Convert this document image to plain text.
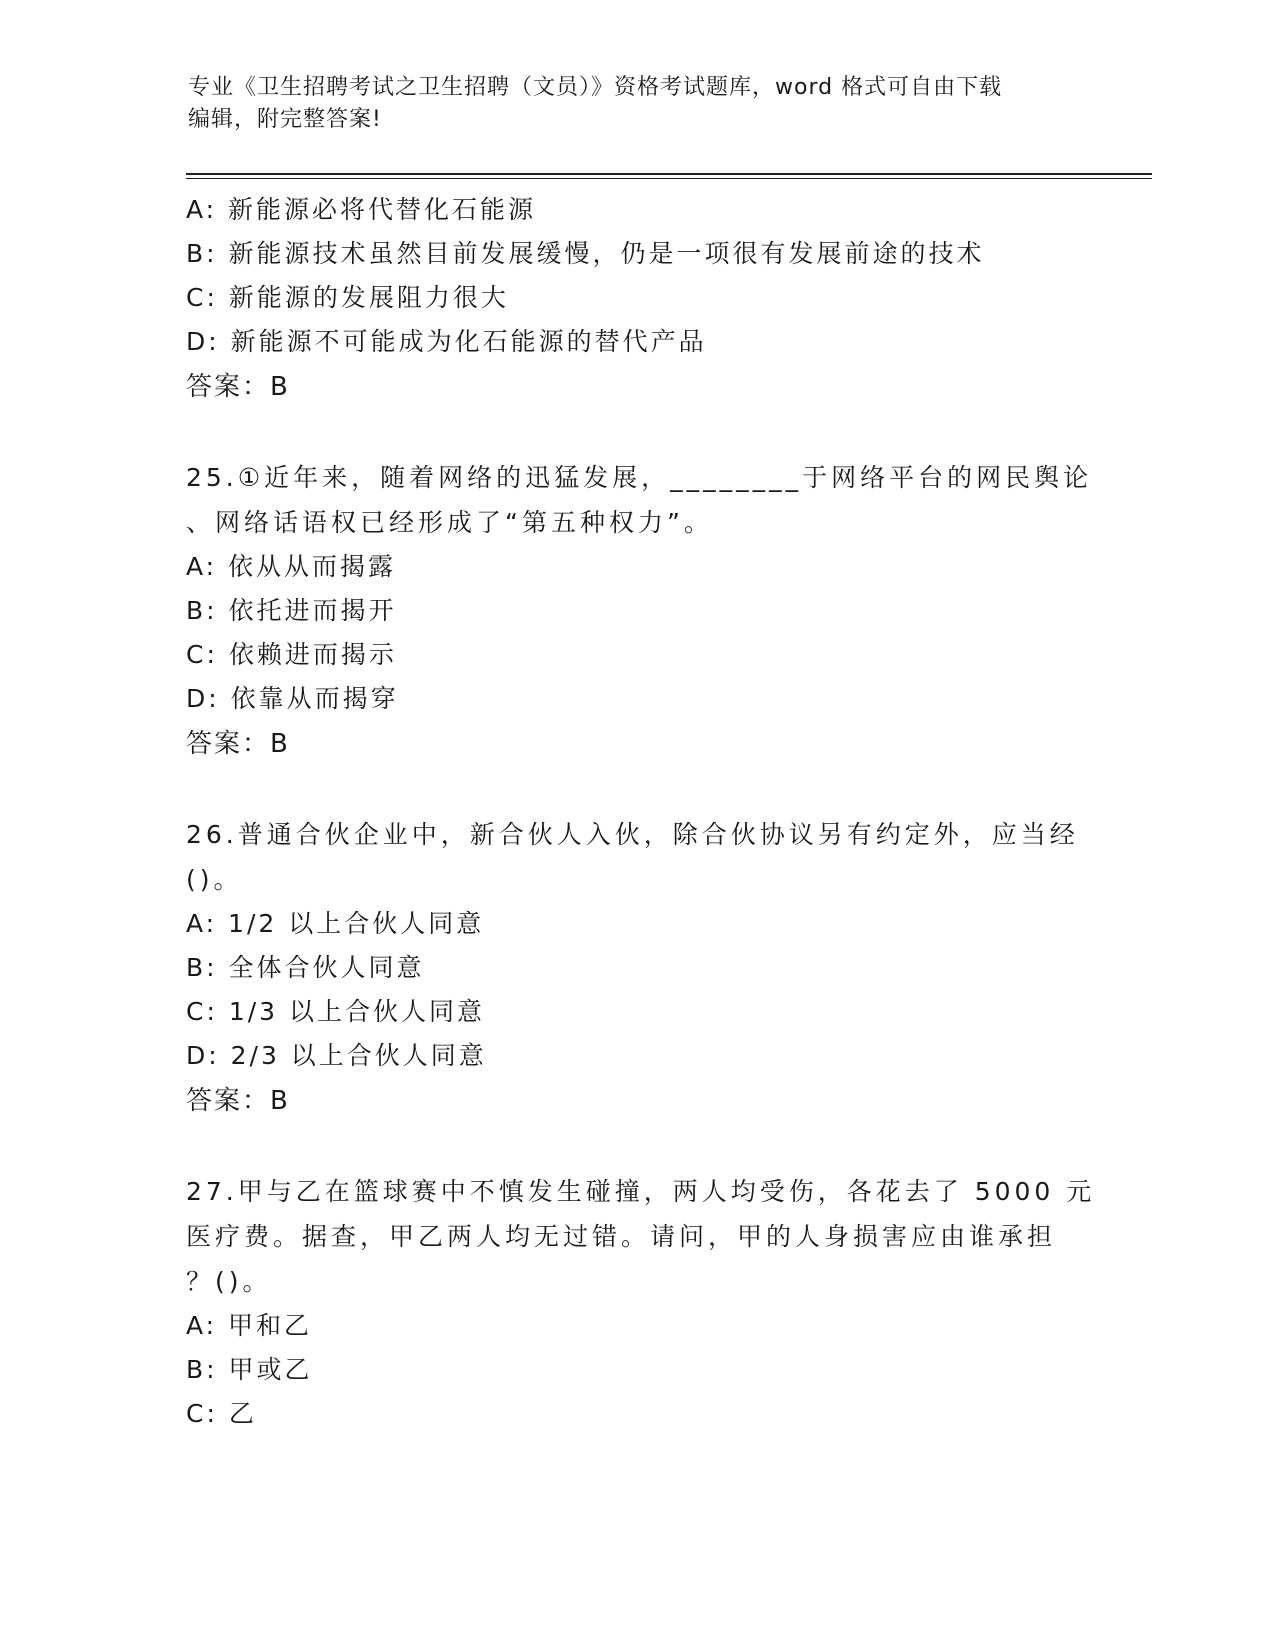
专业《卫生招聘考试之卫生招聘（文员）》资格考试题库，word 格式可自由下载
编辑，附完整答案!
A: 新能源必将代替化石能源
B: 新能源技术虽然目前发展缓慢，仍是一项很有发展前途的技术
C: 新能源的发展阻力很大
D: 新能源不可能成为化石能源的替代产品
答案：B
25.①近年来，随着网络的迅猛发展，________于网络平台的网民舆论
、网络话语权已经形成了“第五种权力”。
A: 依从从而揭露
B: 依托进而揭开
C: 依赖进而揭示
D: 依靠从而揭穿
答案：B
26.普通合伙企业中，新合伙人入伙，除合伙协议另有约定外，应当经
()。
A: 1/2 以上合伙人同意
B: 全体合伙人同意
C: 1/3 以上合伙人同意
D: 2/3 以上合伙人同意
答案：B
27.甲与乙在篮球赛中不慎发生碰撞，两人均受伤，各花去了 5000 元
医疗费。据查，甲乙两人均无过错。请问，甲的人身损害应由谁承担
？()。
A: 甲和乙
B: 甲或乙
C: 乙
